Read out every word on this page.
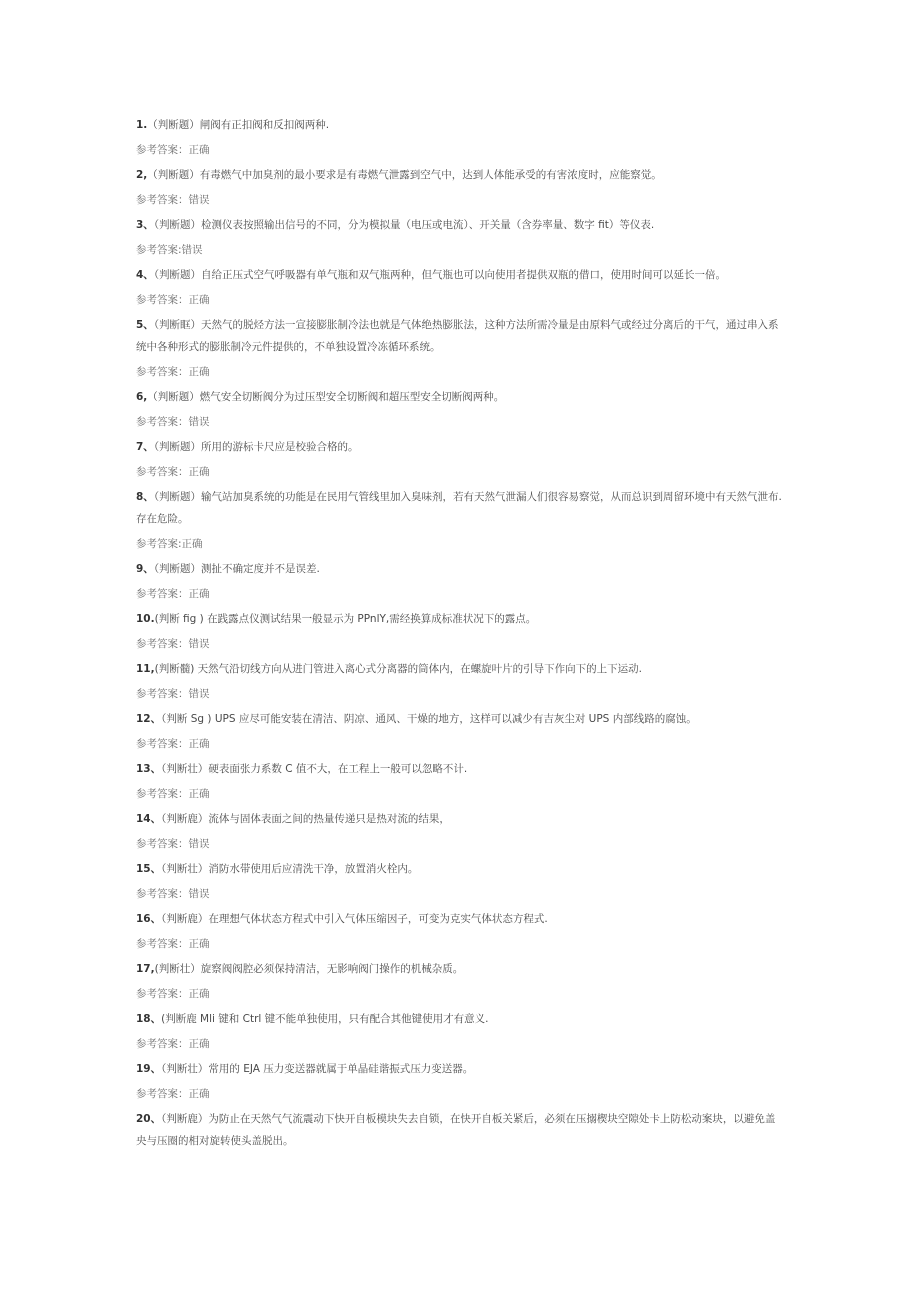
1.（判断题）闸阀有正扣阀和反扣阀两种.

参考答案：正确

2,（判断题）有毒燃气中加臭剂的最小要求是有毒燃气泄露到空气中，达到人体能承受的有害浓度时，应能察觉。

参考答案：错误

3、（判断题）检测仪表按照输出信号的不同，分为模拟量（电压或电流）、开关量（含券率量、数字 fit）等仪表.

参考答案:错误

4、（判断题）自给正压式空气呼吸器有单气瓶和双气瓶两种，但气瓶也可以向使用者提供双瓶的借口，使用时间可以延长一倍。

参考答案：正确

5、（判断眶）天然气的脱烃方法一宣接膨胀制冷法也就是气体绝热膨胀法，这种方法所需冷量是由原料气或经过分离后的干气，通过串入系统中各种形式的膨胀制冷元件提供的，不单独设置冷冻循环系统。

参考答案：正确

6,（判断题）燃气安全切断阀分为过压型安全切断阀和超压型安全切断阀两种。

参考答案：错误

7、（判断题）所用的游标卡尺应是校验合格的。

参考答案：正确

8、（判断题）输气站加臭系统的功能是在民用气管线里加入臭味剂，若有天然气泄漏人们很容易察觉，从而总识到周留环境中有天然气泄布. 存在危险。

参考答案:正确

9、（判断题）测扯不确定度并不是误差.

参考答案：正确

10.(判断 fig ) 在践露点仪测试结果一般显示为 PPnlY,需经换算成标准状况下的露点。

参考答案：错误

11,(判断髓) 天然气沿切线方向从进门管进入离心式分离器的筒体内，在螺旋叶片的引导下作向下的上下运动.

参考答案：错误

12、（判断 Sg ) UPS 应尽可能安装在清洁、阴凉、通风、干燥的地方，这样可以减少有吉灰尘对 UPS 内部线路的腐蚀。

参考答案：正确

13、（判断壮）硬表面张力系数 C 值不大，在工程上一般可以忽略不计.

参考答案：正确

14、（判断鹿）流体与固体表面之间的热量传递只是热对流的结果，

参考答案：错误

15、（判断壮）消防水带使用后应清洗干净，放置消火栓内。

参考答案：错误

16、（判断鹿）在理想气体状态方程式中引入气体压缩因子，可变为克实气体状态方程式.

参考答案：正确

17,(判断壮）旋察阀阀腔必须保持清洁，无影响阀门操作的机械杂质。

参考答案：正确

18、(判断鹿 Mli 键和 Ctrl 键不能单独使用，只有配合其他键使用才有意义.

参考答案：正确

19、（判断壮）常用的 EJA 压力变送器就属于单晶硅谐振式压力变送器。

参考答案：正确

20、（判断鹿）为防止在天然气气流震动下快开自板模块失去自锁，在快开自板关紧后，必须在压搦楔块空隙处卡上防松动案块，以避免盖央与压圈的相对旋转使头盖脱出。
